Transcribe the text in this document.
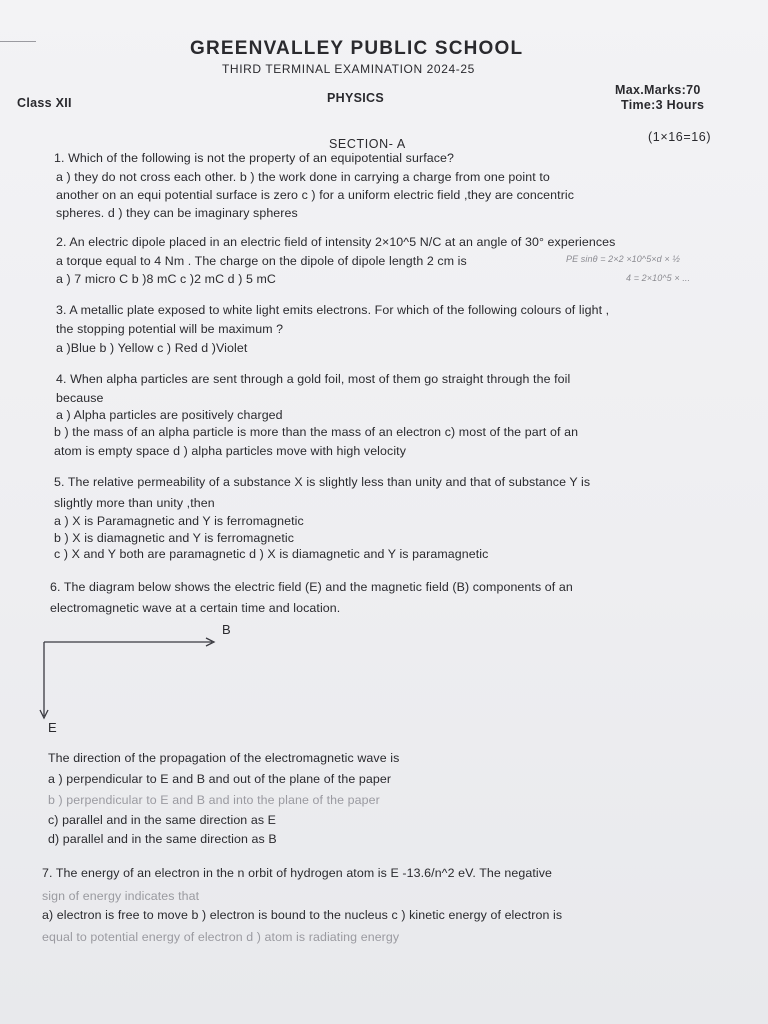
GREENVALLEY PUBLIC SCHOOL
THIRD TERMINAL EXAMINATION 2024-25
Class XII	PHYSICS
Max.Marks:70
Time:3 Hours
SECTION- A	(1×16=16)
1. Which of the following is not the property of an equipotential surface?
a ) they do not cross each other. b ) the work done in carrying a charge from one point to
another on an equi potential surface is zero c ) for a uniform electric field ,they are concentric
spheres. d ) they can be imaginary spheres
2. An electric dipole placed in an electric field of intensity 2×10^5 N/C at an angle of 30° experiences
a torque equal to 4 Nm . The charge on the dipole of dipole length 2 cm is	PE sinθ = 2×2 ×10^5×d × ½
a ) 7 micro C b )8 mC c )2 mC d ) 5 mC	4 = 2×10^5 × ...
3. A metallic plate exposed to white light emits electrons. For which of the following colours of light ,
the stopping potential will be maximum ?
a )Blue b ) Yellow c ) Red d )Violet
4. When alpha particles are sent through a gold foil, most of them go straight through the foil
because
a ) Alpha particles are positively charged
b ) the mass of an alpha particle is more than the mass of an electron c) most of the part of an
atom is empty space d ) alpha particles move with high velocity
5. The relative permeability of a substance X is slightly less than unity and that of substance Y is
slightly more than unity ,then
a ) X is Paramagnetic and Y is ferromagnetic
b ) X is diamagnetic and Y is ferromagnetic
c ) X and Y both are paramagnetic d ) X is diamagnetic and Y is paramagnetic
6. The diagram below shows the electric field (E) and the magnetic field (B) components of an
electromagnetic wave at a certain time and location.
B
E
The direction of the propagation of the electromagnetic wave is
a ) perpendicular to E and B and out of the plane of the paper
b ) perpendicular to E and B and into the plane of the paper
c) parallel and in the same direction as E
d) parallel and in the same direction as B
7. The energy of an electron in the n orbit of hydrogen atom is E -13.6/n^2 eV. The negative
sign of energy indicates that
a) electron is free to move b ) electron is bound to the nucleus c ) kinetic energy of electron is
equal to potential energy of electron d ) atom is radiating energy
